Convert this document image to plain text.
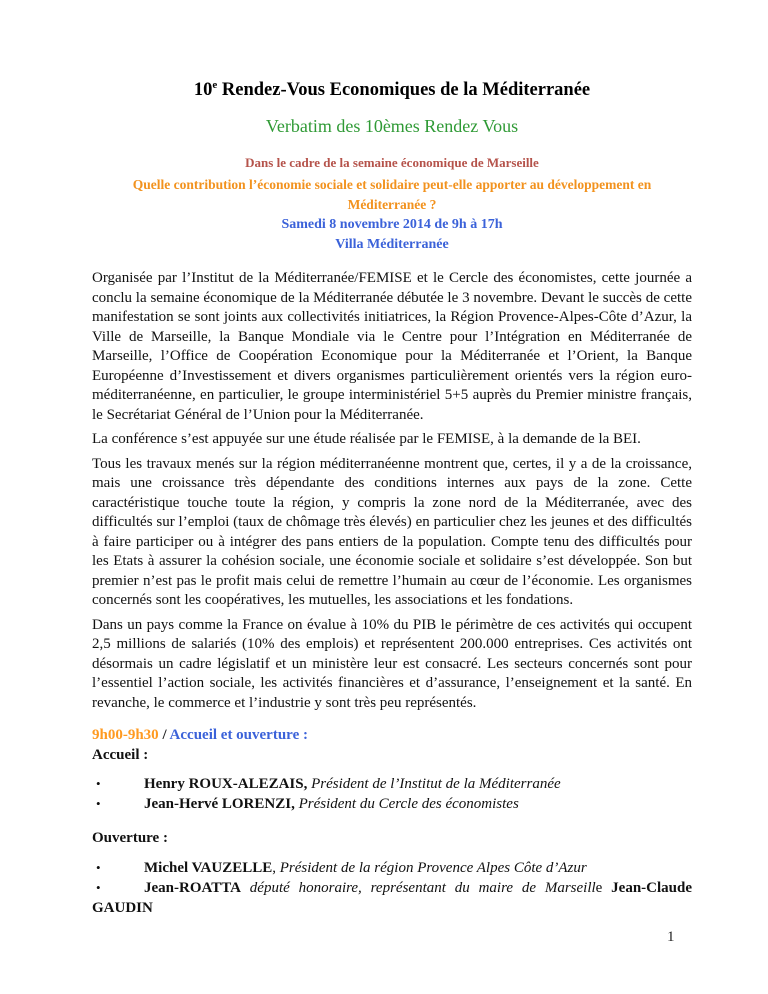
10e Rendez-Vous Economiques de la Méditerranée
Verbatim des 10èmes Rendez Vous

Dans le cadre de la semaine économique de Marseille

Quelle contribution l’économie sociale et solidaire peut-elle apporter au développement en
Méditerranée ?

Samedi 8 novembre 2014 de 9h à 17h

Villa Méditerranée

Organisée par l’Institut de la Méditerranée/FEMISE et le Cercle des économistes, cette journée a conclu la semaine économique de la Méditerranée débutée le 3 novembre. Devant le succès de cette manifestation se sont joints aux collectivités initiatrices, la Région Provence-Alpes-Côte d’Azur, la Ville de Marseille, la Banque Mondiale via le Centre pour l’Intégration en Méditerranée de Marseille, l’Office de Coopération Economique pour la Méditerranée et l’Orient, la Banque Européenne d’Investissement et divers organismes particulièrement orientés vers la région euro-méditerranéenne, en particulier, le groupe interministériel 5+5 auprès du Premier ministre français, le Secrétariat Général de l’Union pour la Méditerranée.

La conférence s’est appuyée sur une étude réalisée par le FEMISE, à la demande de la BEI.

Tous les travaux menés sur la région méditerranéenne montrent que, certes, il y a de la croissance, mais une croissance très dépendante des conditions internes aux pays de la zone. Cette caractéristique touche toute la région, y compris la zone nord de la Méditerranée, avec des difficultés sur l’emploi (taux de chômage très élevés) en particulier chez les jeunes et des difficultés à faire participer ou à intégrer des pans entiers de la population. Compte tenu des difficultés pour les Etats à assurer la cohésion sociale, une économie sociale et solidaire s’est développée. Son but premier n’est pas le profit mais celui de remettre l’humain au cœur de l’économie. Les organismes concernés sont les coopératives, les mutuelles, les associations et les fondations.

Dans un pays comme la France on évalue à 10% du PIB le périmètre de ces activités qui occupent 2,5 millions de salariés (10% des emplois) et représentent 200.000 entreprises. Ces activités ont désormais un cadre législatif et un ministère leur est consacré. Les secteurs concernés sont pour l’essentiel l’action sociale, les activités financières et d’assurance, l’enseignement et la santé. En revanche, le commerce et l’industrie y sont très peu représentés.

9h00-9h30 / Accueil et ouverture :

Accueil :

•	Henry ROUX-ALEZAIS, Président de l’Institut de la Méditerranée

•	Jean-Hervé LORENZI, Président du Cercle des économistes

Ouverture :

•	Michel VAUZELLE, Président de la région Provence Alpes Côte d’Azur

•	Jean-ROATTA député honoraire, représentant du maire de Marseille Jean-Claude GAUDIN

1
